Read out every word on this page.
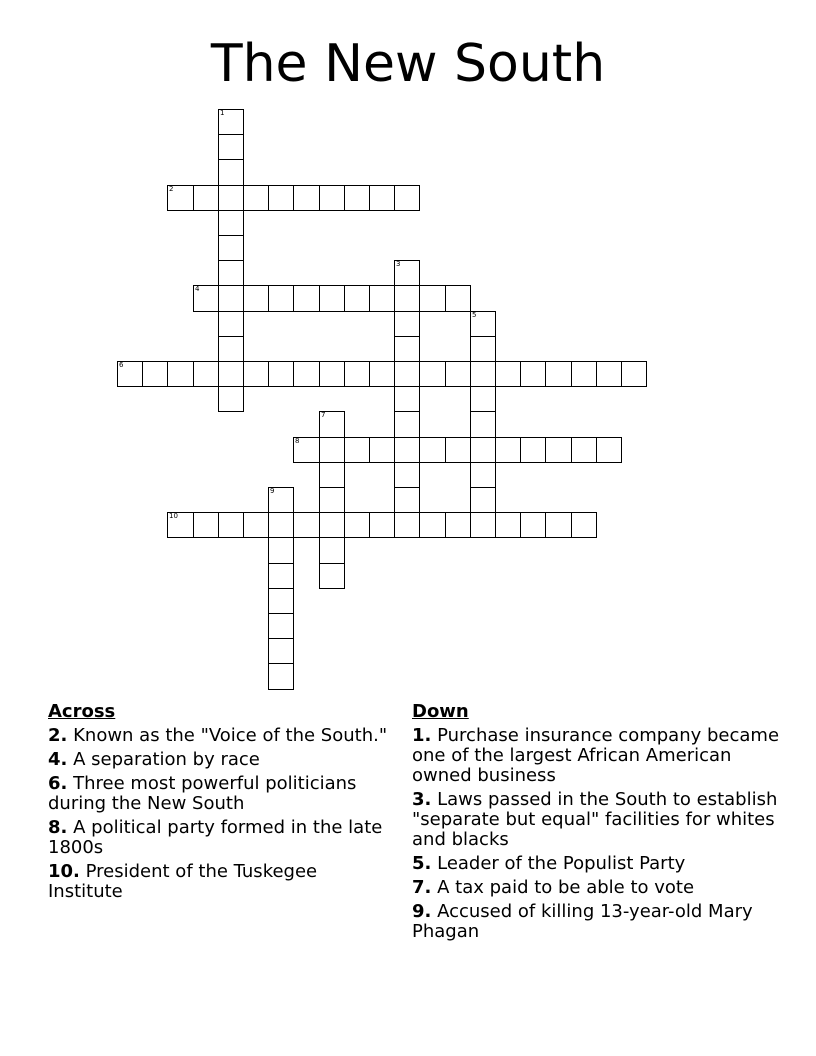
The New South
2
4
6
8
10
1
3
5
7
9
Across
2. Known as the "Voice of the South."
4. A separation by race
6. Three most powerful politicians during the New South
8. A political party formed in the late 1800s
10. President of the Tuskegee Institute
Down
1. Purchase insurance company became one of the largest African American owned business
3. Laws passed in the South to establish "separate but equal" facilities for whites and blacks
5. Leader of the Populist Party
7. A tax paid to be able to vote
9. Accused of killing 13-year-old Mary Phagan
